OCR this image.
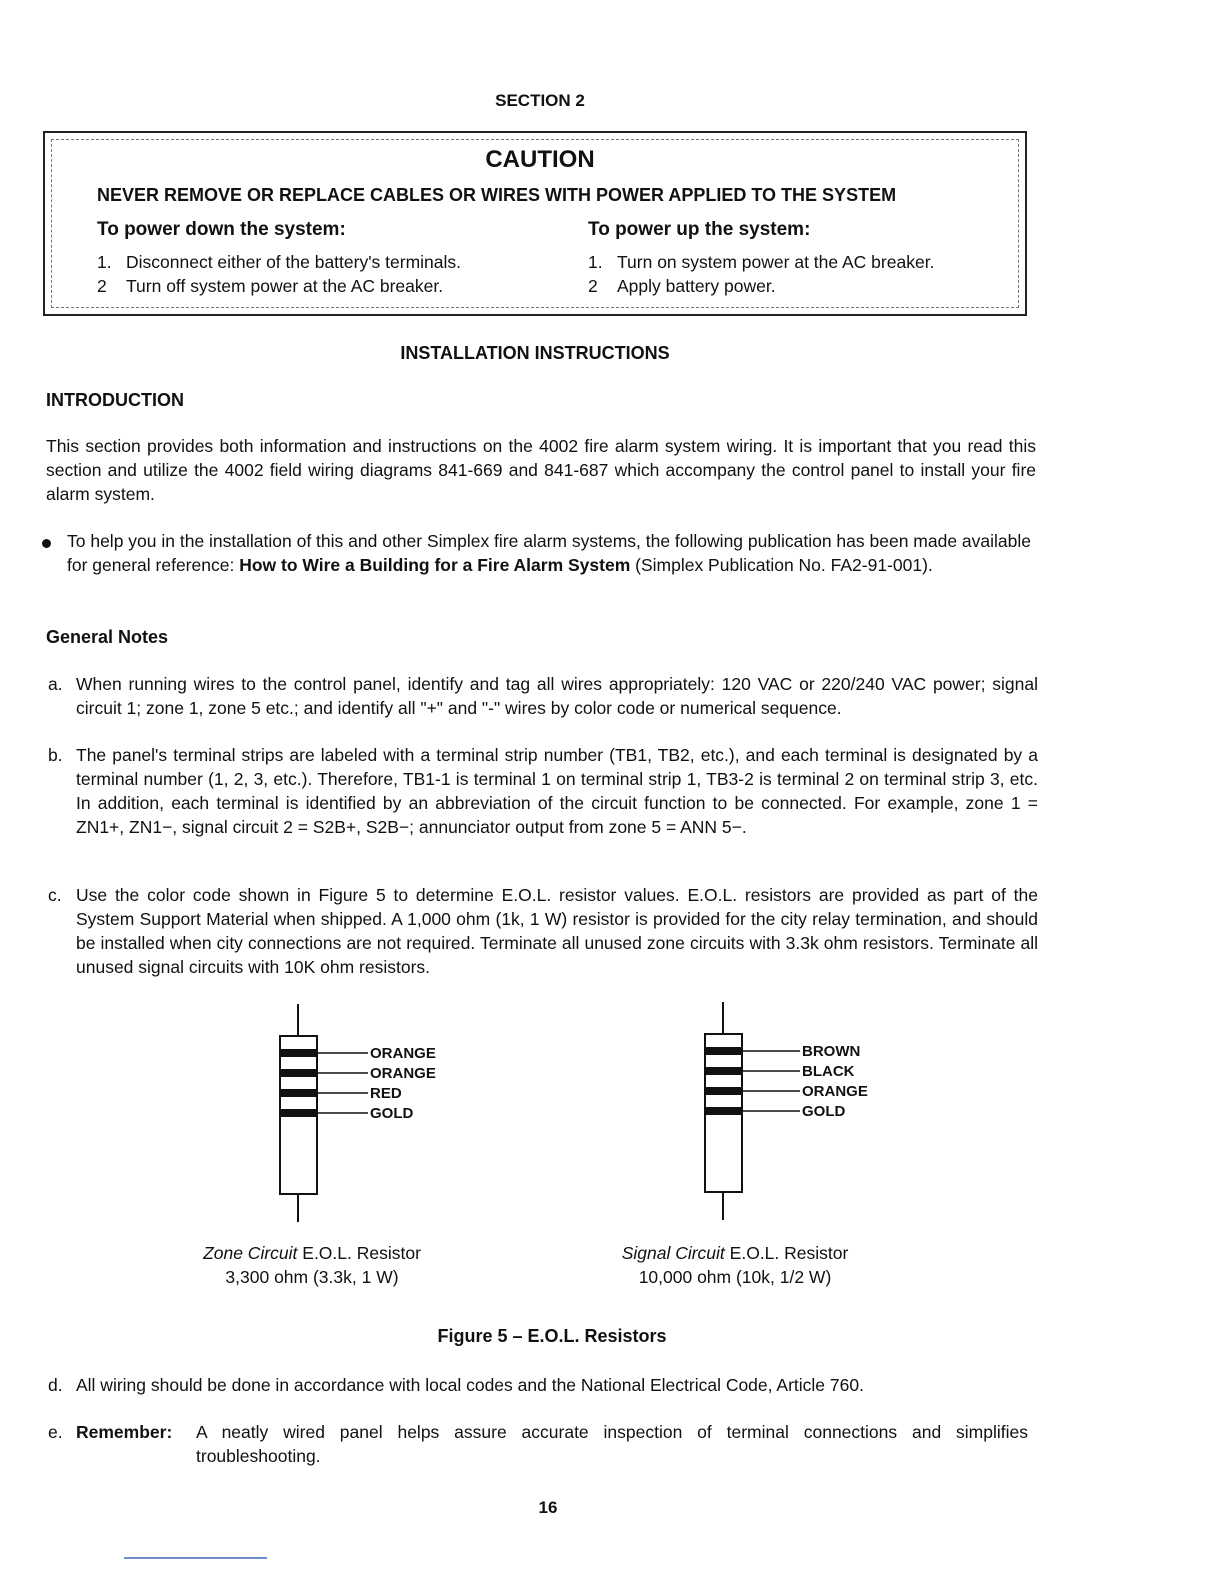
SECTION 2
CAUTION
NEVER REMOVE OR REPLACE CABLES OR WIRES WITH POWER APPLIED TO THE SYSTEM
To power down the system:
1. Disconnect either of the battery's terminals.
2 Turn off system power at the AC breaker.
To power up the system:
1. Turn on system power at the AC breaker.
2 Apply battery power.
INSTALLATION INSTRUCTIONS
INTRODUCTION
This section provides both information and instructions on the 4002 fire alarm system wiring. It is important that you read this section and utilize the 4002 field wiring diagrams 841-669 and 841-687 which accompany the control panel to install your fire alarm system.
To help you in the installation of this and other Simplex fire alarm systems, the following publication has been made available for general reference: How to Wire a Building for a Fire Alarm System (Simplex Publication No. FA2-91-001).
General Notes
a. When running wires to the control panel, identify and tag all wires appropriately: 120 VAC or 220/240 VAC power; signal circuit 1; zone 1, zone 5 etc.; and identify all "+" and "-" wires by color code or numerical sequence.
b. The panel's terminal strips are labeled with a terminal strip number (TB1, TB2, etc.), and each terminal is designated by a terminal number (1, 2, 3, etc.). Therefore, TB1-1 is terminal 1 on terminal strip 1, TB3-2 is terminal 2 on terminal strip 3, etc. In addition, each terminal is identified by an abbreviation of the circuit function to be connected. For example, zone 1 = ZN1+, ZN1−, signal circuit 2 = S2B+, S2B−; annunciator output from zone 5 = ANN 5−.
c. Use the color code shown in Figure 5 to determine E.O.L. resistor values. E.O.L. resistors are provided as part of the System Support Material when shipped. A 1,000 ohm (1k, 1 W) resistor is provided for the city relay termination, and should be installed when city connections are not required. Terminate all unused zone circuits with 3.3k ohm resistors. Terminate all unused signal circuits with 10K ohm resistors.
ORANGE
ORANGE
RED
GOLD
BROWN
BLACK
ORANGE
GOLD
Zone Circuit E.O.L. Resistor
3,300 ohm (3.3k, 1 W)
Signal Circuit E.O.L. Resistor
10,000 ohm (10k, 1/2 W)
Figure 5 – E.O.L. Resistors
d. All wiring should be done in accordance with local codes and the National Electrical Code, Article 760.
e. Remember: A neatly wired panel helps assure accurate inspection of terminal connections and simplifies troubleshooting.
16
